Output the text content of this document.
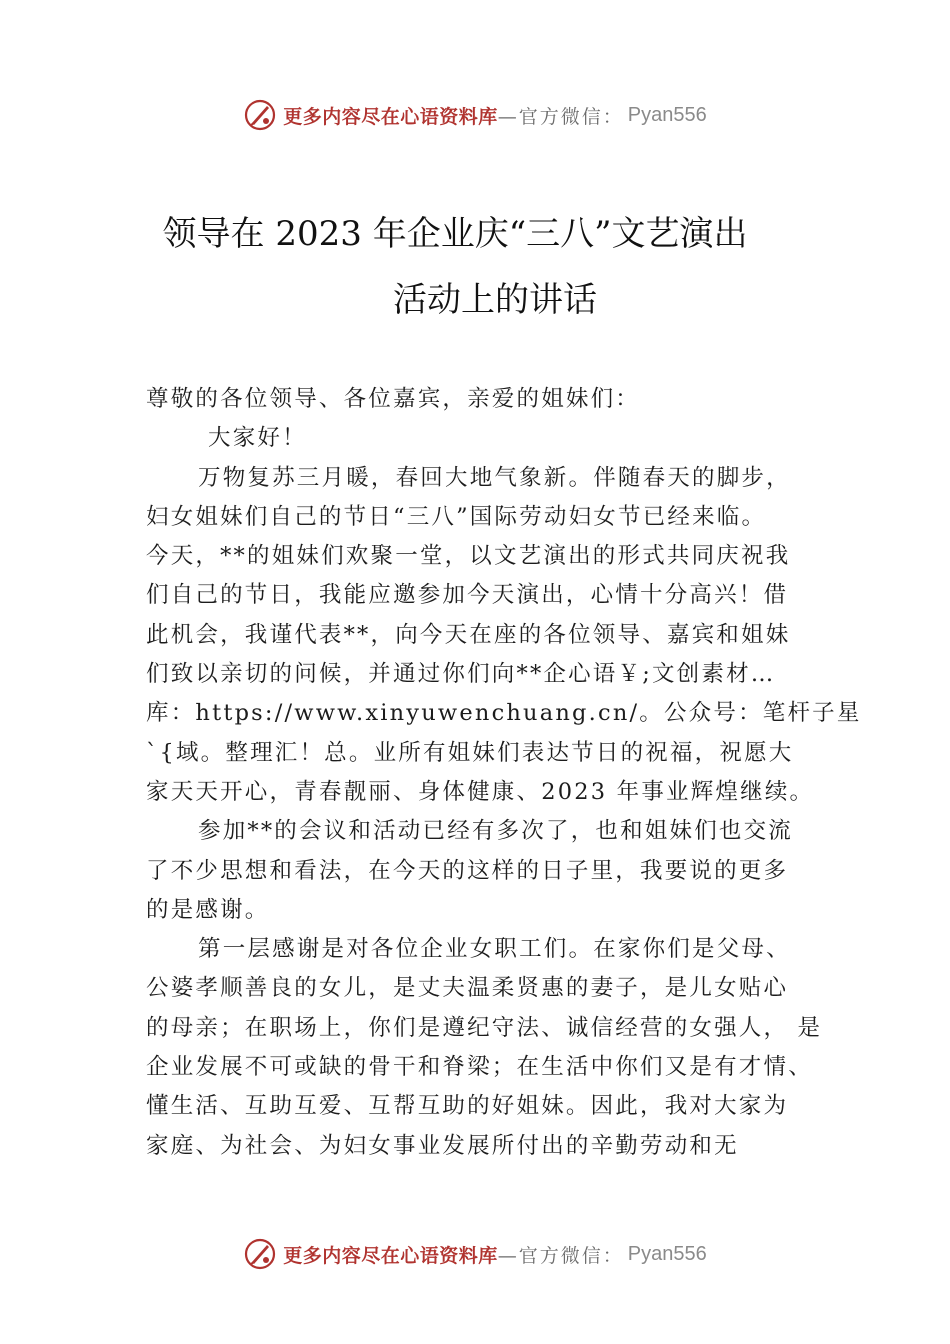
更多内容尽在心语资料库 —官方微信： Pyan556
领导在 2023 年企业庆“三八”文艺演出
活动上的讲话
尊敬的各位领导、各位嘉宾，亲爱的姐妹们：
大家好！
万物复苏三月暖，春回大地气象新。伴随春天的脚步，
妇女姐妹们自己的节日“三八”国际劳动妇女节已经来临。
今天，**的姐妹们欢聚一堂，以文艺演出的形式共同庆祝我
们自己的节日，我能应邀参加今天演出，心情十分高兴！借
此机会，我谨代表**，向今天在座的各位领导、嘉宾和姐妹
们致以亲切的问候，并通过你们向**企心语￥;文创素材…
库：https://www.xinyuwenchuang.cn/。公众号：笔杆子星
`{域。整理汇！总。业所有姐妹们表达节日的祝福，祝愿大
家天天开心，青春靓丽、身体健康、2023 年事业辉煌继续。
参加**的会议和活动已经有多次了，也和姐妹们也交流
了不少思想和看法，在今天的这样的日子里，我要说的更多
的是感谢。
第一层感谢是对各位企业女职工们。在家你们是父母、
公婆孝顺善良的女儿，是丈夫温柔贤惠的妻子，是儿女贴心
的母亲；在职场上，你们是遵纪守法、诚信经营的女强人， 是
企业发展不可或缺的骨干和脊梁；在生活中你们又是有才情、
懂生活、互助互爱、互帮互助的好姐妹。因此，我对大家为
家庭、为社会、为妇女事业发展所付出的辛勤劳动和无
更多内容尽在心语资料库 —官方微信： Pyan556
